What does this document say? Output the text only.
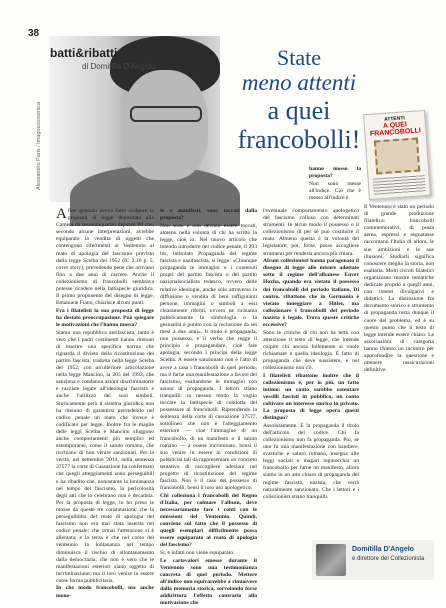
38
Alessandro Paris / Imagoeconomica
batti&ribatti
di Domitilla D'Angelo	State
meno attenti
a quei
francobolli!
ATTENTI
A QUEI FRANCOBOLLI

Afine gennaio aveva fatto scalpore la proposta di legge depositata alla Camera da sessantaquattro deputati Pd che, secondo alcune interpretazioni, avrebbe equiparato la vendita di oggetti che contengono riferimenti al Ventennio al reato di apologia del fascismo previsto dalla legge Scelba del 1952 (IC 2.16 p. 5, cover story), prevedendo pene che arrivano fino a due anni di carcere. Anche il collezionismo di francobolli sembrava potesse ricadere nella fattispecie giuridica. Il primo proponente del disegno di legge, Emanuele Fiano, chiarisce alcuni punti.

Fra i filatelisti la sua proposta di legge ha destato preoccupazione. Può spiegare le motivazioni che l'hanno mossa?

Siamo una repubblica antifascista, tanto è vero che i padri costituenti hanno ritenuto di inserire una specifica norma che riguarda il divieto della ricostituzione del partito fascista, tradotta nella legge Scelba del 1952, con un'ulteriore articolazione nella legge Mancino, la 205 del 1993, che sanziona e condanna azioni discriminatorie e razziste legate all'ideologia fascista e anche l'utilizzo dei suoi simboli. Storicamente però il sistema giuridico non ha ritenuto di garantirsi prevedendo nel codice penale un reato che invece è codificato per legge. Inoltre fra le maglie delle leggi Scelba e Mancino sfuggono anche comportamenti più semplici ed estemporanei, come il saluto romano, che rischiano di non venire sanzionati. Per la verità, nel settembre 2014, nella sentenza 37577 la corte di Cassazione ha confermato che quegli atteggiamenti sono perseguibili e ha ribadito che, nonostante la lontananza nel tempo del fascismo, la pericolosità degli atti che lo celebrano non è decaduta. Per la proposta di legge, io ho preso le mosse da queste tre constatazioni: che la perseguibilità del reato di apologia del fascismo non era mai stata inserita nel codice penale; che ormai l'attenzione si è allentata; e la terza è che nel corso del ventennio la lontananza nel tempo diminuisca il rischio di allontanamento dalla democrazia; che non è vero che le manifestazioni esteriori siano oggetto di incriminazione, ma il loro venire in essere come forma pubblicitaria.

In che modo francobolli, ma anche mone-

te e manifesti, sono toccati dalla proposta?

Non sono e non devono essere toccati, almeno nella volontà di chi ha scritto la legge, cioè io. Nel nuovo articolo che intendo introdurre nel codice penale, il 293 bis, intitolato Propaganda del regime fascista e nazifascista, si legge: «Chiunque propaganda le immagini o i contenuti propri del partito fascista o del partito nazionalsocialista tedesco, ovvero delle relative ideologie, anche solo attraverso la diffusione o vendita di beni raffiguranti persone, immagini o simboli a essi chiaramente riferiti, ovvero ne richiama pubblicamente la simbologia o la gestualità è punito con la reclusione da sei mesi a due anni». Il titolo è propaganda, non possesso, e il verbo che regge il principio è propagandare, cioè fare apologia, secondo i principi della legge Scelba. A essere sanzionato non è l'atto di avere a casa i francobolli di quel periodo, ma il farne una manifestazione a favore del fascismo, esaltandone le immagini con azioni di propaganda. I lettori stiano tranquilli: in nessun modo la voglio toccare la fattispecie di condotta del possessore di francobolli. Riprendendo la sentenza della corte di cassazione 37577, sottolineo che non è l'atteggiamento esteriore — cioè l'immagine di un francobollo, di un manifesto o il saluto romano — a essere incriminato, bensì il suo venire in essere in condizioni di pubblicità tali da rappresentare un concreto tentativo di raccogliere adesioni nel progetto di ricostituzione del regime fascista. Non è il caso del possesso di francobolli, bensì il loro uso apologetico.

Chi colleziona i francobolli del Regno d'Italia, per colmare l'album, deve necessariamente fare i conti con le emissioni del Ventennio. Quindi, conviene sul fatto che il possesso di quegli esemplari difficilmente possa essere equiparato al reato di apologia del fascismo?

Sì, e infatti non viene equiparato.

Le cartevalori emesse durante il Ventennio sono una testimonianza concreta di quel periodo. Mettere all'indice non equivarrebbe a rimuovere dalla memoria storica, sorvolando forse addirittura l'effetto contrario alla motivazione che

hanno mosso la proposta?

Non sono messe all'indice. Ciò che è messo all'indice è

l'eventuale comportamento apologetico del fascismo colluso con determinati strumenti. In alcun modo il possesso o il collezionismo di per sé può costituire il reato. Almeno questa è la volontà del legislatore; poi, forse, posso accogliere strumenti per renderla ancora più chiara.

Alcuni collezionisti hanno paragonato il disegno di legge alle misure adottate sotto il regime dell'albanese Enver Hoxha, quando era vietato il possesso dei francobolli del periodo italiano. Di contro, ribattono che in Germania è vietato inneggiare a Hitler, ma collezionare i francobolli del periodo nazista è legale. Trova queste critiche eccessive?

Sono le critiche di chi non ha letto con attenzione il testo di legge, che intende colpire chi ancora follemente si vuole richiamare a quella ideologia. È fatto di propaganda che deve sussistere, e nel collezionismo non c'è.

I filatelisti ribattono inoltre che il collezionismo è, per lo più, un fatto intimo: un conto sarebbe ostentare vessilli fascisti in pubblico, un conto coltivare un interesse storico in privato. La proposta di legge opera questi distinguo?

Assolutamente. È la propaganda il titolo dell'articolo del codice. Chi fa collezionismo non fa propaganda. Poi, se uno fa una manifestazione con bandiere, svastiche e saluto romano, insegna alle leggi sociali e magari inginocchia un francobollo per farne un manifesto, allora siamo in un atto chiaro di propaganda del regime fascista, nazista, che verrà naturalmente sanzionato. Che i lettori e i collezionisti stiano tranquilli.

Il Ventennio è stato un periodo di grande produzione filatelica: francobolli commemorativi, di posta aerea, espressi e segnatasse raccontano l'Italia di allora, le sue ambizioni e le sue illusioni. Studiarli significa conoscere meglio la storia, non esaltarla. Molti circoli filatelici organizzano mostre tematiche dedicate proprio a quegli anni, con intenti divulgativi e didattici. La distinzione fra documento storico e strumento di propaganda resta dunque il cuore del problema, ed è su questo punto che il testo di legge intende essere chiaro. Le associazioni di categoria hanno chiesto un incontro per approfondire la questione e ottenere rassicurazioni definitive.

Domitilla D'Angelo
è direttore del Collezionista
